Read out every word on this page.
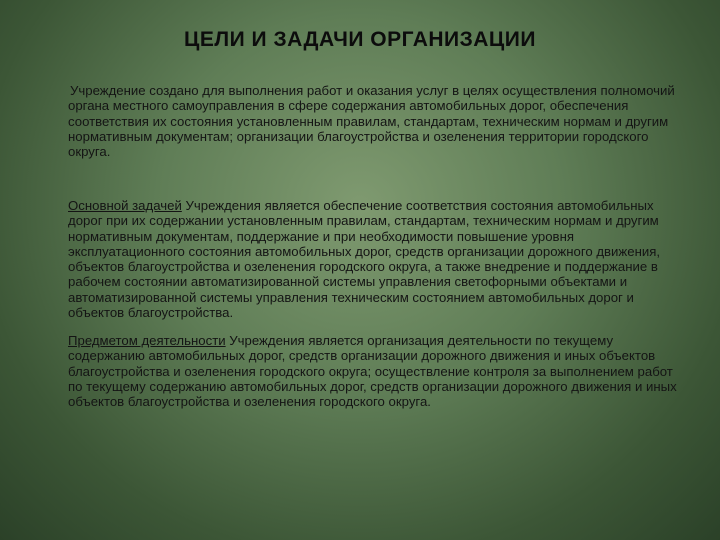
ЦЕЛИ И ЗАДАЧИ ОРГАНИЗАЦИИ

Учреждение создано для выполнения работ и оказания услуг в целях осуществления полномочий органа местного самоуправления в сфере содержания автомобильных дорог, обеспечения соответствия их состояния установленным правилам, стандартам, техническим нормам и другим нормативным документам; организации благоустройства и озеленения территории городского округа.

Основной задачей Учреждения является обеспечение соответствия состояния автомобильных дорог при их содержании установленным правилам, стандартам, техническим нормам и другим нормативным документам, поддержание и при необходимости повышение уровня эксплуатационного состояния автомобильных дорог, средств организации дорожного движения, объектов благоустройства и озеленения городского округа, а также внедрение и поддержание в рабочем состоянии автоматизированной системы управления светофорными объектами и автоматизированной системы управления техническим состоянием автомобильных дорог и объектов благоустройства.

Предметом деятельности Учреждения является организация деятельности по текущему содержанию автомобильных дорог, средств организации дорожного движения и иных объектов благоустройства и озеленения городского округа; осуществление контроля за выполнением работ по текущему содержанию автомобильных дорог, средств организации дорожного движения и иных объектов благоустройства и озеленения городского округа.
